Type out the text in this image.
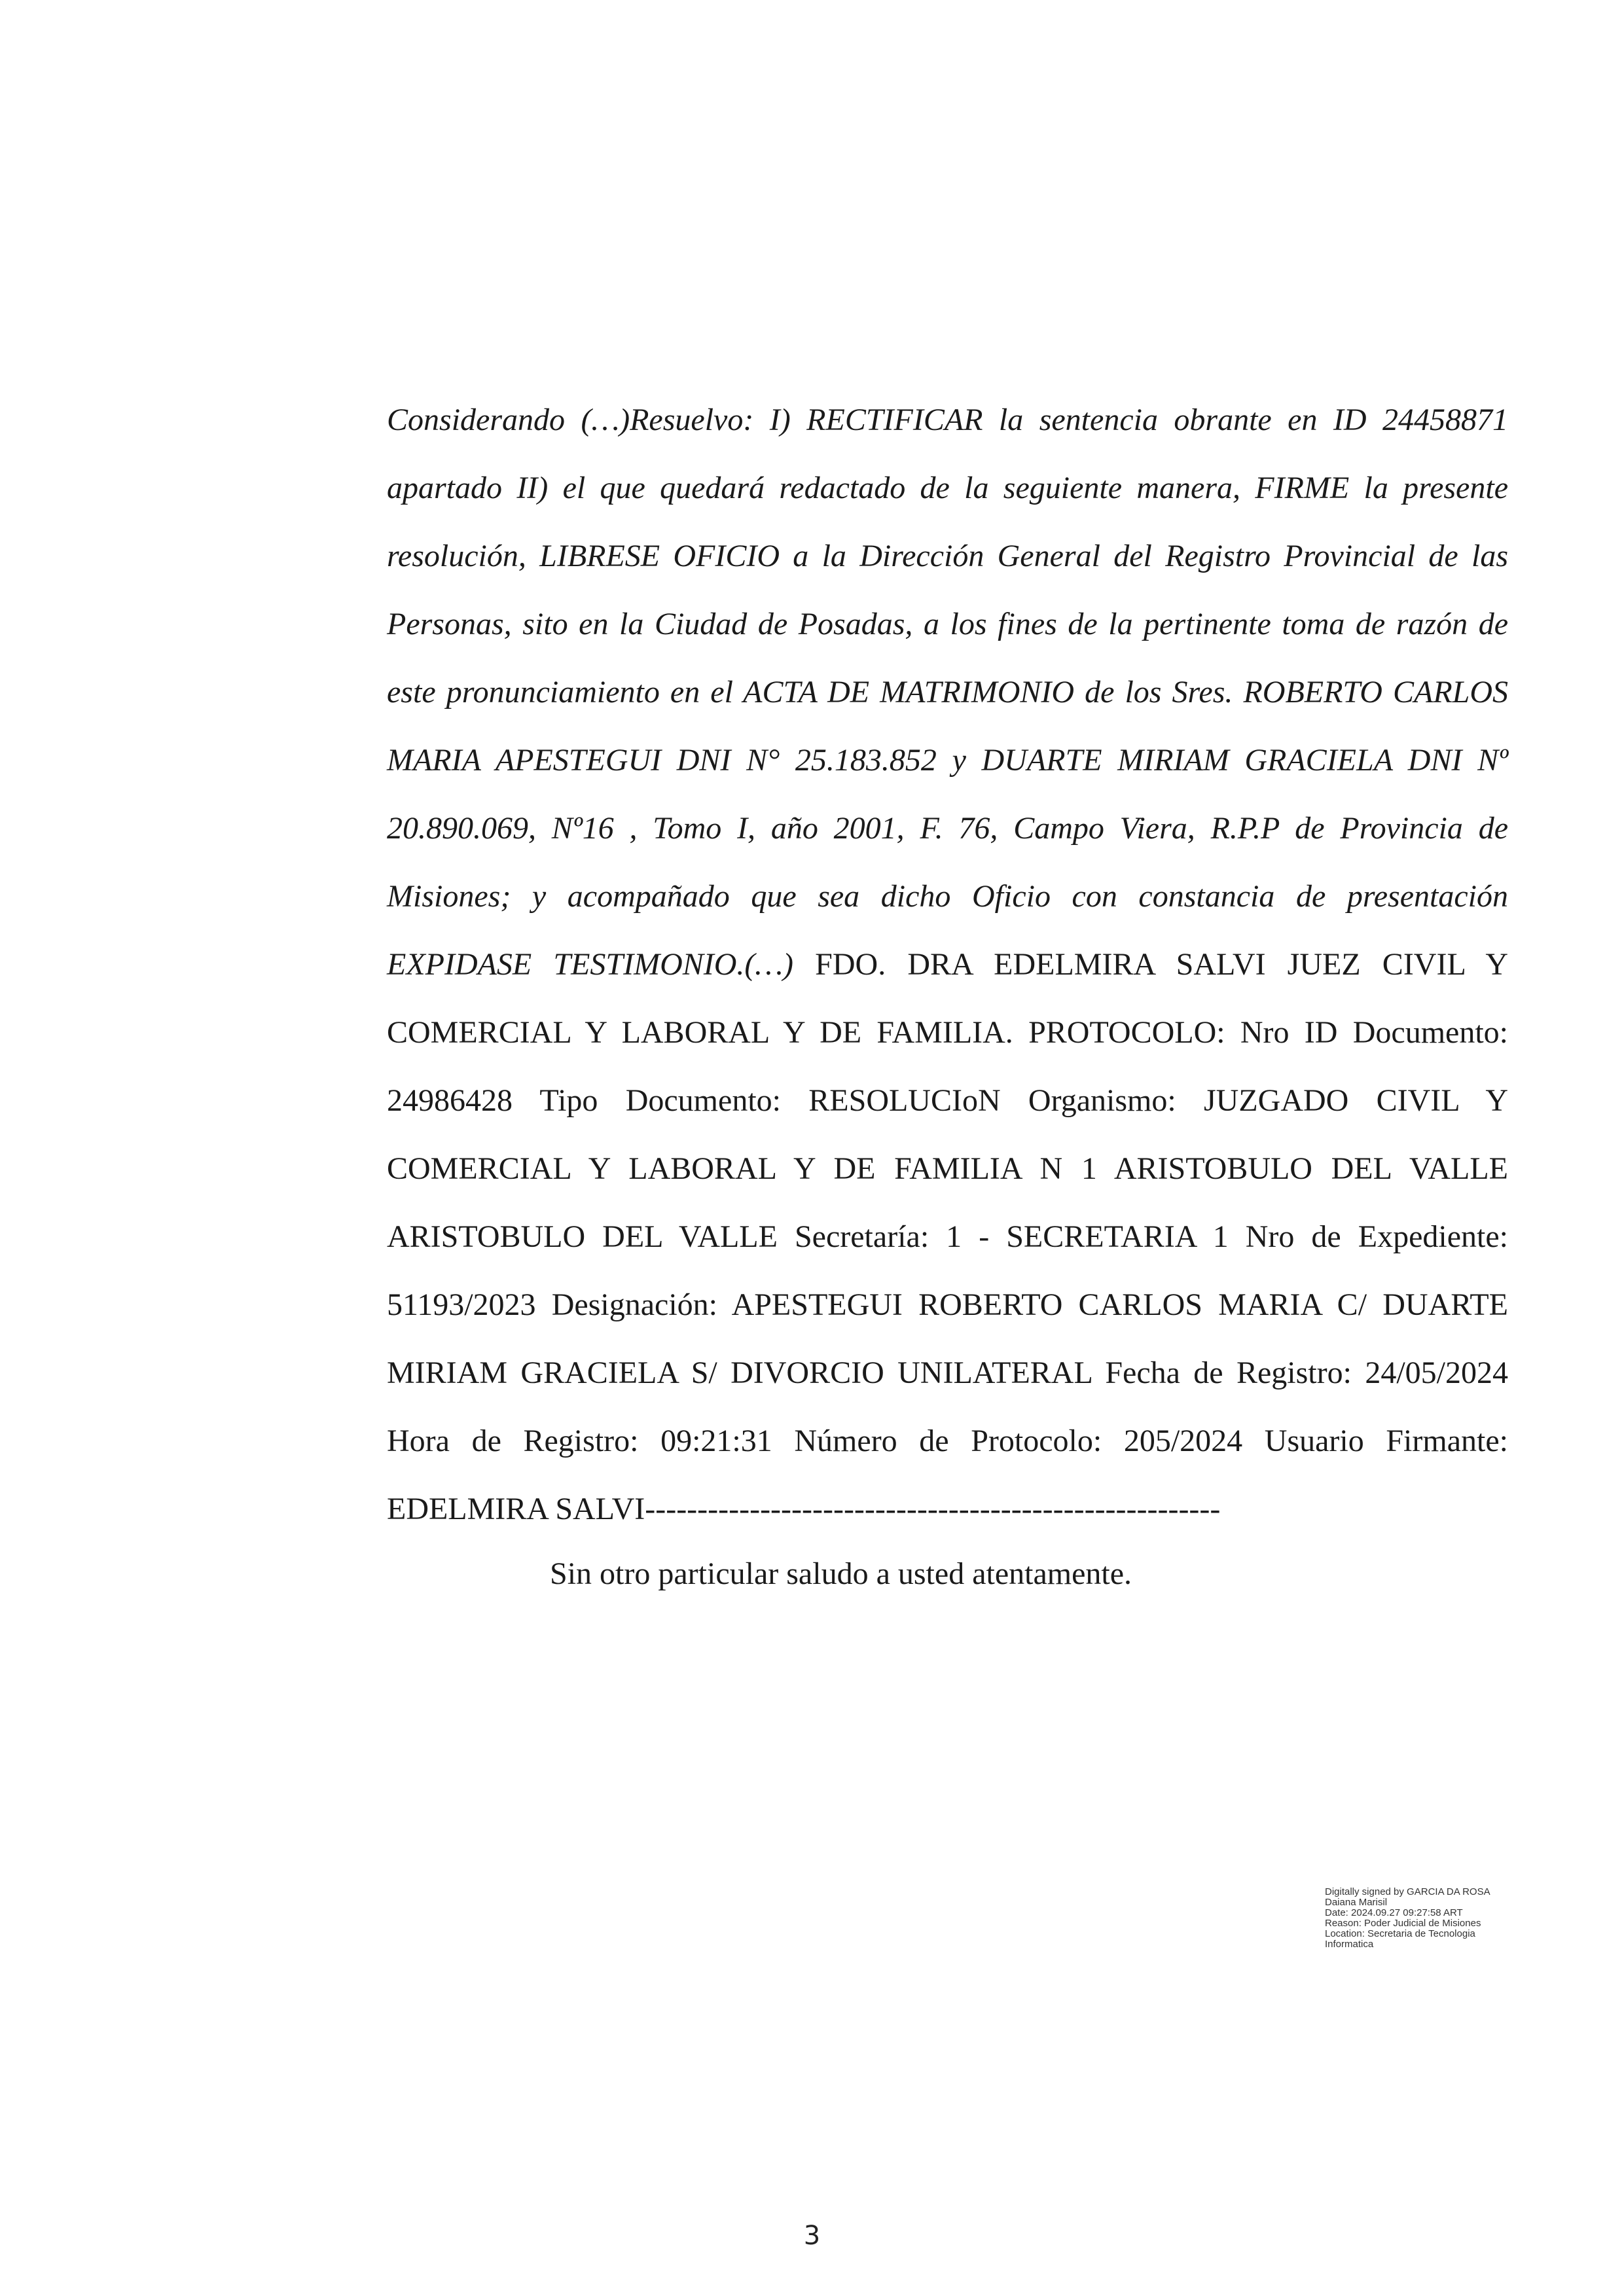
Considerando (…)Resuelvo: I) RECTIFICAR la sentencia obrante en ID 24458871 apartado II) el que quedará redactado de la seguiente manera, FIRME la presente resolución, LIBRESE OFICIO a la Dirección General del Registro Provincial de las Personas, sito en la Ciudad de Posadas, a los fines de la pertinente toma de razón de este pronunciamiento en el ACTA DE MATRIMONIO de los Sres. ROBERTO CARLOS MARIA APESTEGUI DNI N° 25.183.852 y DUARTE MIRIAM GRACIELA DNI Nº 20.890.069, Nº16 , Tomo I, año 2001, F. 76, Campo Viera, R.P.P de Provincia de Misiones; y acompañado que sea dicho Oficio con constancia de presentación EXPIDASE TESTIMONIO.(…) FDO. DRA EDELMIRA SALVI JUEZ CIVIL Y COMERCIAL Y LABORAL Y DE FAMILIA. PROTOCOLO: Nro ID Documento: 24986428 Tipo Documento: RESOLUCIoN Organismo: JUZGADO CIVIL Y COMERCIAL Y LABORAL Y DE FAMILIA N 1 ARISTOBULO DEL VALLE ARISTOBULO DEL VALLE Secretaría: 1 - SECRETARIA 1 Nro de Expediente: 51193/2023 Designación: APESTEGUI ROBERTO CARLOS MARIA C/ DUARTE MIRIAM GRACIELA S/ DIVORCIO UNILATERAL Fecha de Registro: 24/05/2024 Hora de Registro: 09:21:31 Número de Protocolo: 205/2024 Usuario Firmante: EDELMIRA SALVI-------------------------------------------------------

Sin otro particular saludo a usted atentamente.

Digitally signed by GARCIA DA ROSA
Daiana Marisil
Date: 2024.09.27 09:27:58 ART
Reason: Poder Judicial de Misiones
Location: Secretaria de Tecnologia
Informatica
3
